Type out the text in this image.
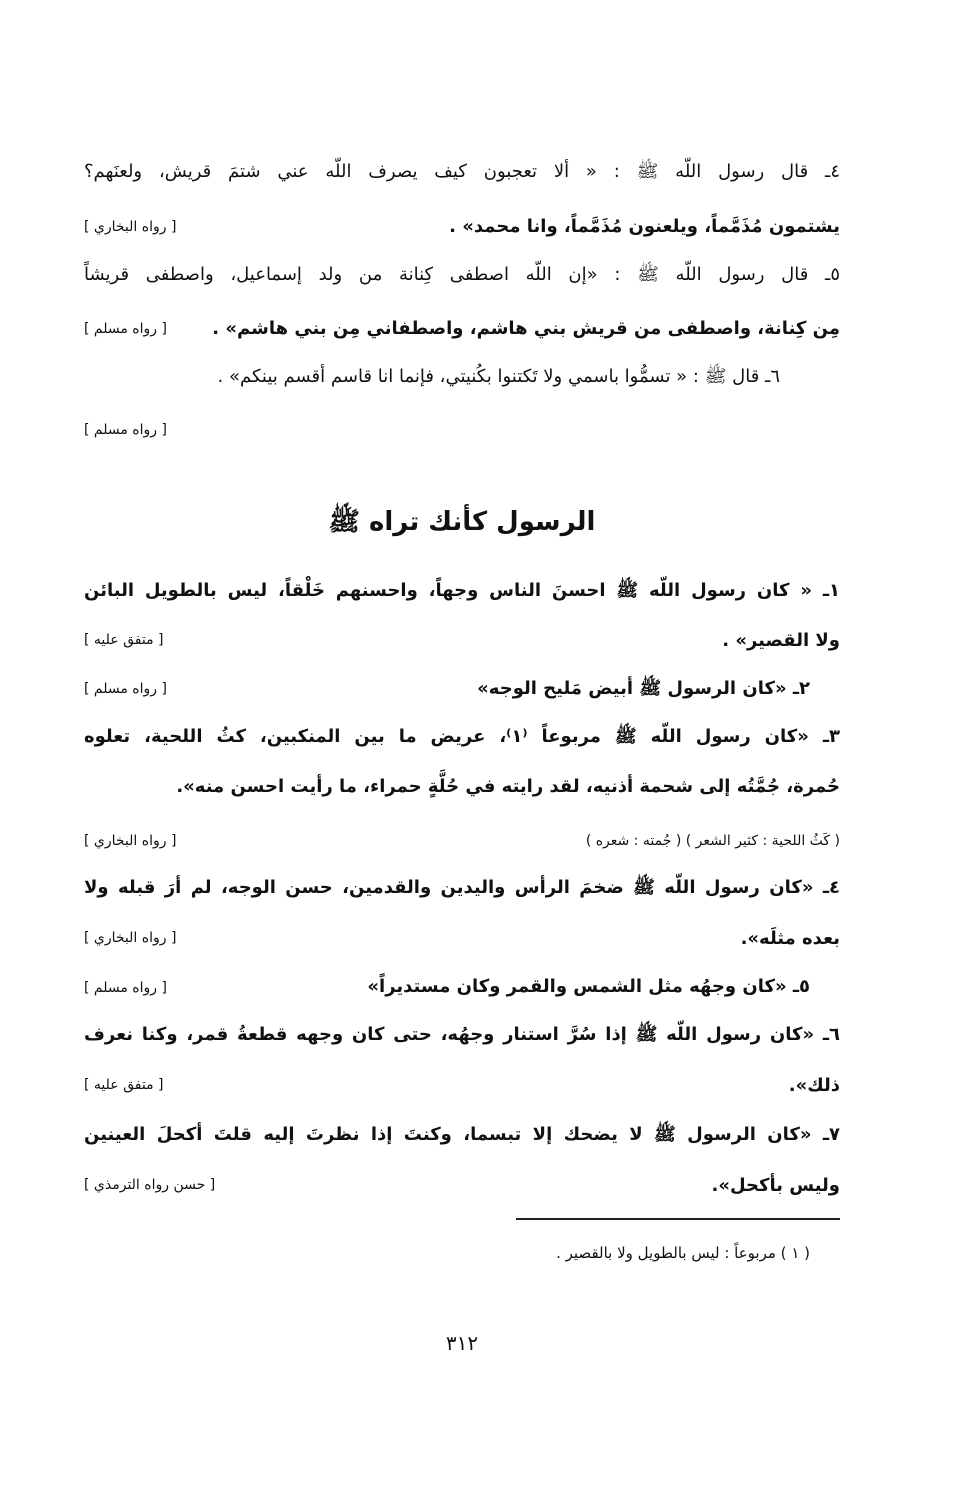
٤ـ قال رسول اللّه ﷺ : « ألا تعجبون كيف يصرف اللّه عني شتمَ قريش، ولعنَهم؟
يشتمون مُذَمَّماً، ويلعنون مُذَمَّماً، وانا محمد» .
[ رواه البخاري ]
٥ـ قال رسول اللّه ﷺ : «إن اللّه اصطفى كِنانة من ولد إسماعيل، واصطفى قريشاً
مِن كِنانة، واصطفى من قريش بني هاشم، واصطفاني مِن بني هاشم» .
[ رواه مسلم ]
٦ـ قال ﷺ : « تسمُّوا باسمي ولا تَكتنوا بكُنيتي، فإنما انا قاسم أقسم بينكم» .
[ رواه مسلم ]
الرسول كأنك تراه ﷺ
١ـ « كان رسول اللّه ﷺ احسنَ الناس وجهاً، واحسنهم خَلْقاً، ليس بالطويل البائن
ولا القصير» .
[ متفق عليه ]
٢ـ «كان الرسول ﷺ أبيض مَليح الوجه»
[ رواه مسلم ]
٣ـ «كان رسول اللّه ﷺ مربوعاً ⁽١⁾، عريض ما بين المنكبين، كثُ اللحية، تعلوه
حُمرة، جُمَّتُه إلى شحمة أذنيه، لقد رايته في حُلَّةٍ حمراء، ما رأيت احسن منه».
( كَثُ اللحية : كثير الشعر ) ( جُمته : شعره )
[ رواه البخاري ]
٤ـ «كان رسول اللّه ﷺ ضخمَ الرأس واليدين والقدمين، حسن الوجه، لم أرَ قبله ولا
بعده مثلَه».
[ رواه البخاري ]
٥ـ «كان وجهُه مثل الشمس والقمر وكان مستديراً»
[ رواه مسلم ]
٦ـ «كان رسول اللّه ﷺ إذا سُرَّ استنار وجهُه، حتى كان وجهه قطعةُ قمر، وكنا نعرف
ذلك».
[ متفق عليه ]
٧ـ «كان الرسول ﷺ لا يضحك إلا تبسما، وكنتَ إذا نظرتَ إليه قلتَ أكحلَ العينين
وليس بأكحل».
[ حسن رواه الترمذي ]
( ١ ) مربوعاً : ليس بالطويل ولا بالقصير .
٣١٢
